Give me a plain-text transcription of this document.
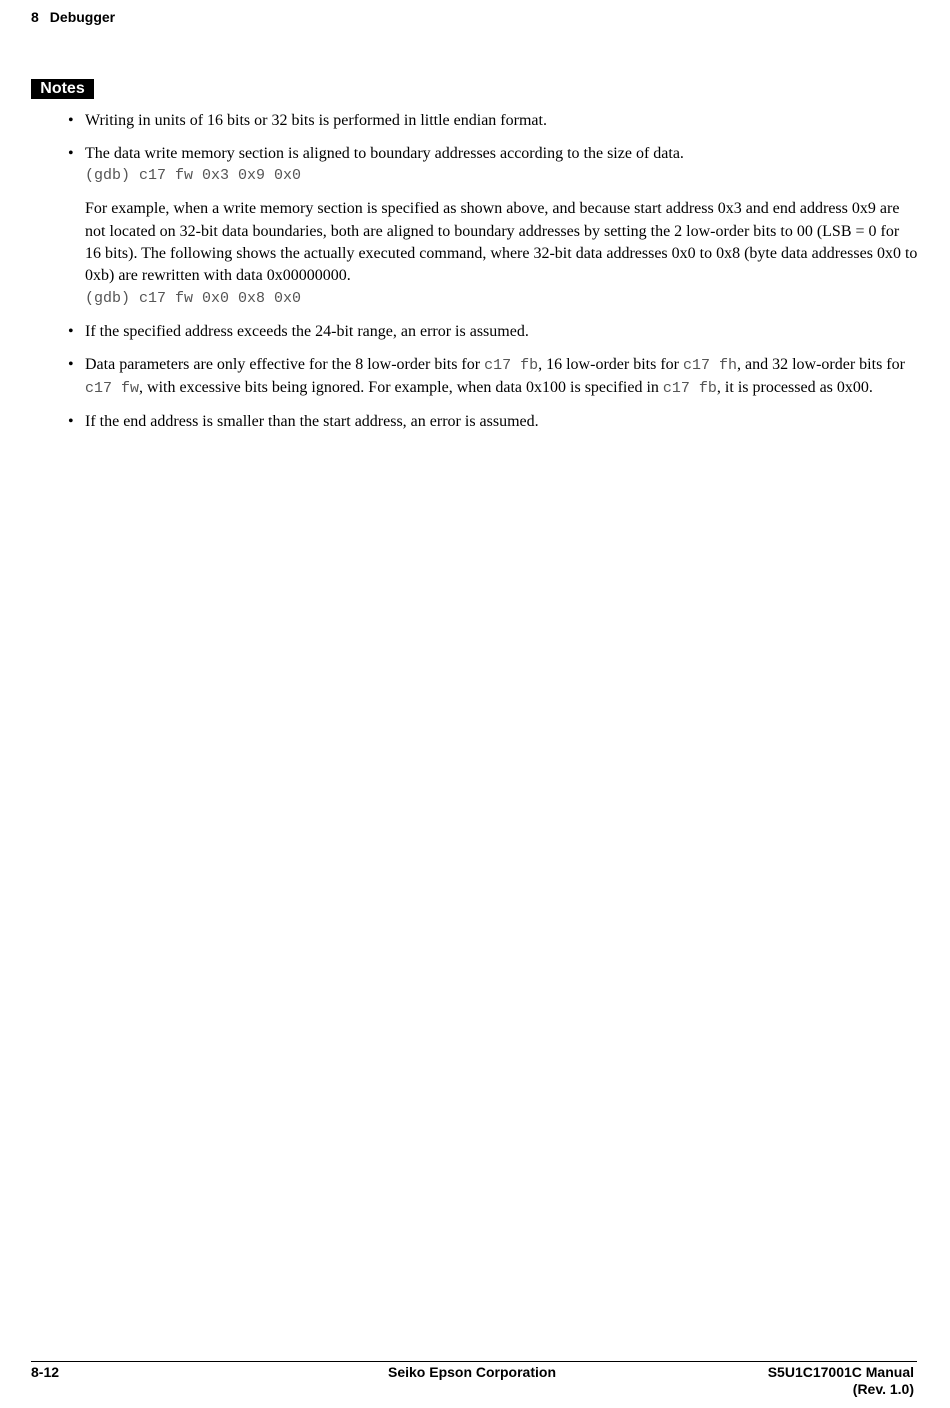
8 Debugger
Notes
• Writing in units of 16 bits or 32 bits is performed in little endian format.
• The data write memory section is aligned to boundary addresses according to the size of data.
(gdb) c17 fw 0x3 0x9 0x0
For example, when a write memory section is specified as shown above, and because start address 0x3 and end address 0x9 are not located on 32-bit data boundaries, both are aligned to boundary addresses by setting the 2 low-order bits to 00 (LSB = 0 for 16 bits). The following shows the actually executed command, where 32-bit data addresses 0x0 to 0x8 (byte data addresses 0x0 to 0xb) are rewritten with data 0x00000000.
(gdb) c17 fw 0x0 0x8 0x0
• If the specified address exceeds the 24-bit range, an error is assumed.
• Data parameters are only effective for the 8 low-order bits for c17 fb, 16 low-order bits for c17 fh, and 32 low-order bits for c17 fw, with excessive bits being ignored. For example, when data 0x100 is specified in c17 fb, it is processed as 0x00.
• If the end address is smaller than the start address, an error is assumed.
8-12	Seiko Epson Corporation	S5U1C17001C Manual
(Rev. 1.0)
